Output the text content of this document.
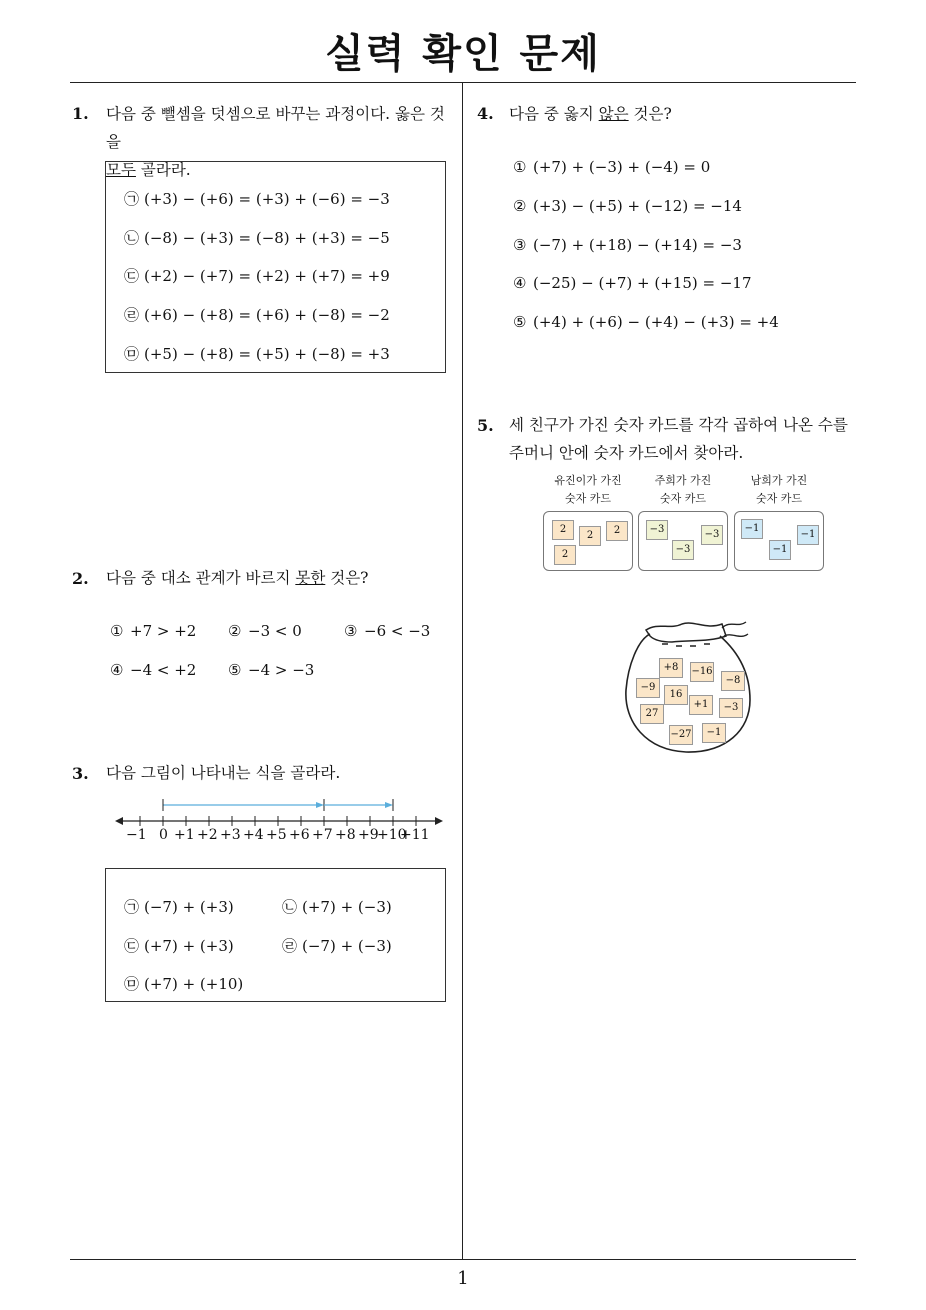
실력 확인 문제
1
1. 다음 중 뺄셈을 덧셈으로 바꾸는 과정이다. 옳은 것을
모두 골라라.
㉠ (+3) − (+6) = (+3) + (−6) = −3
㉡ (−8) − (+3) = (−8) + (+3) = −5
㉢ (+2) − (+7) = (+2) + (+7) = +9
㉣ (+6) − (+8) = (+6) + (−8) = −2
㉤ (+5) − (+8) = (+5) + (−8) = +3
2. 다음 중 대소 관계가 바르지 못한 것은?
① +7 > +2 ② −3 < 0	③ −6 < −3
④ −4 < +2 ⑤ −4 > −3
3. 다음 그림이 나타내는 식을 골라라.
−1 0 +1 +2 +3 +4 +5 +6 +7 +8 +9
+10
+11
㉠ (−7) + (+3)	㉡ (+7) + (−3)
㉢ (+7) + (+3)	㉣ (−7) + (−3)
㉤ (+7) + (+10)
4. 다음 중 옳지 않은 것은?
① (+7) + (−3) + (−4) = 0
② (+3) − (+5) + (−12) = −14
③ (−7) + (+18) − (+14) = −3
④ (−25) − (+7) + (+15) = −17
⑤ (+4) + (+6) − (+4) − (+3) = +4
5. 세 친구가 가진 숫자 카드를 각각 곱하여 나온 수를
주머니 안에 숫자 카드에서 찾아라.
유진이가 가진
숫자 카드
주희가 가진
숫자 카드
남희가 가진
숫자 카드
2
2	2
2
−3	−3
−3
−1
−1
−1
+8	−16
−9
16
−8
27
+1	−3
−27	−1
